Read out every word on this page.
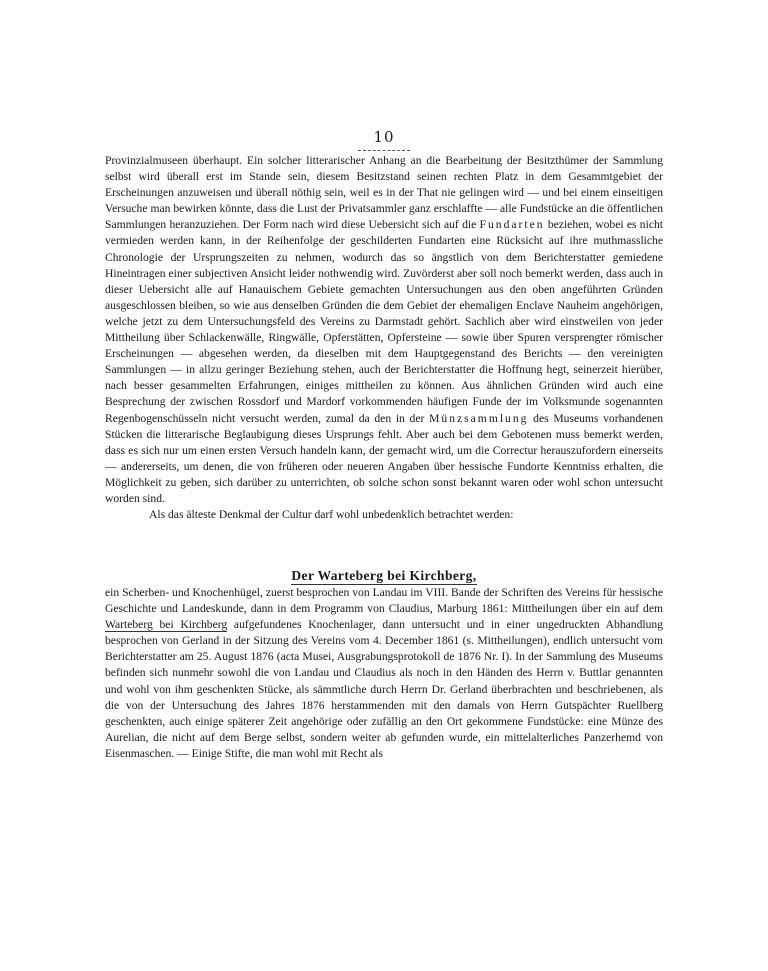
10

Provinzialmuseen überhaupt. Ein solcher litterarischer Anhang an die Bearbeitung der Besitzthümer der Sammlung selbst wird überall erst im Stande sein, diesem Besitzstand seinen rechten Platz in dem Gesammtgebiet der Erscheinungen anzuweisen und überall nöthig sein, weil es in der That nie gelingen wird — und bei einem einseitigen Versuche man bewirken könnte, dass die Lust der Privatsammler ganz erschlaffte — alle Fundstücke an die öffentlichen Sammlungen heranzuziehen. Der Form nach wird diese Uebersicht sich auf die Fundarten beziehen, wobei es nicht vermieden werden kann, in der Reihenfolge der geschilderten Fundarten eine Rücksicht auf ihre muthmassliche Chronologie der Ursprungszeiten zu nehmen, wodurch das so ängstlich von dem Berichterstatter gemiedene Hineintragen einer subjectiven Ansicht leider nothwendig wird. Zuvörderst aber soll noch bemerkt werden, dass auch in dieser Uebersicht alle auf Hanauischem Gebiete gemachten Untersuchungen aus den oben angeführten Gründen ausgeschlossen bleiben, so wie aus denselben Gründen die dem Gebiet der ehemaligen Enclave Nauheim angehörigen, welche jetzt zu dem Untersuchungsfeld des Vereins zu Darmstadt gehört. Sachlich aber wird einstweilen von jeder Mittheilung über Schlackenwälle, Ringwälle, Opferstätten, Opfersteine — sowie über Spuren versprengter römischer Erscheinungen — abgesehen werden, da dieselben mit dem Hauptgegenstand des Berichts — den vereinigten Sammlungen — in allzu geringer Beziehung stehen, auch der Berichterstatter die Hoffnung hegt, seinerzeit hierüber, nach besser gesammelten Erfahrungen, einiges mittheilen zu können. Aus ähnlichen Gründen wird auch eine Besprechung der zwischen Rossdorf und Mardorf vorkommenden häufigen Funde der im Volksmunde sogenannten Regenbogenschüsseln nicht versucht werden, zumal da den in der Münzsammlung des Museums vorhandenen Stücken die litterarische Beglaubigung dieses Ursprungs fehlt. Aber auch bei dem Gebotenen muss bemerkt werden, dass es sich nur um einen ersten Versuch handeln kann, der gemacht wird, um die Correctur herauszufordern einerseits — andererseits, um denen, die von früheren oder neueren Angaben über hessische Fundorte Kenntniss erhalten, die Möglichkeit zu geben, sich darüber zu unterrichten, ob solche schon sonst bekannt waren oder wohl schon untersucht worden sind.

Als das älteste Denkmal der Cultur darf wohl unbedenklich betrachtet werden:

Der Warteberg bei Kirchberg,

ein Scherben- und Knochenhügel, zuerst besprochen von Landau im VIII. Bande der Schriften des Vereins für hessische Geschichte und Landeskunde, dann in dem Programm von Claudius, Marburg 1861: Mittheilungen über ein auf dem Warteberg bei Kirchberg aufgefundenes Knochenlager, dann untersucht und in einer ungedruckten Abhandlung besprochen von Gerland in der Sitzung des Vereins vom 4. December 1861 (s. Mittheilungen), endlich untersucht vom Berichterstatter am 25. August 1876 (acta Musei, Ausgrabungsprotokoll de 1876 Nr. I). In der Sammlung des Museums befinden sich nunmehr sowohl die von Landau und Claudius als noch in den Händen des Herrn v. Buttlar genannten und wohl von ihm geschenkten Stücke, als sämmtliche durch Herrn Dr. Gerland überbrachten und beschriebenen, als die von der Untersuchung des Jahres 1876 herstammenden mit den damals von Herrn Gutspächter Ruellberg geschenkten, auch einige späterer Zeit angehörige oder zufällig an den Ort gekommene Fundstücke: eine Münze des Aurelian, die nicht auf dem Berge selbst, sondern weiter ab gefunden wurde, ein mittelalterliches Panzerhemd von Eisenmaschen. — Einige Stifte, die man wohl mit Recht als
